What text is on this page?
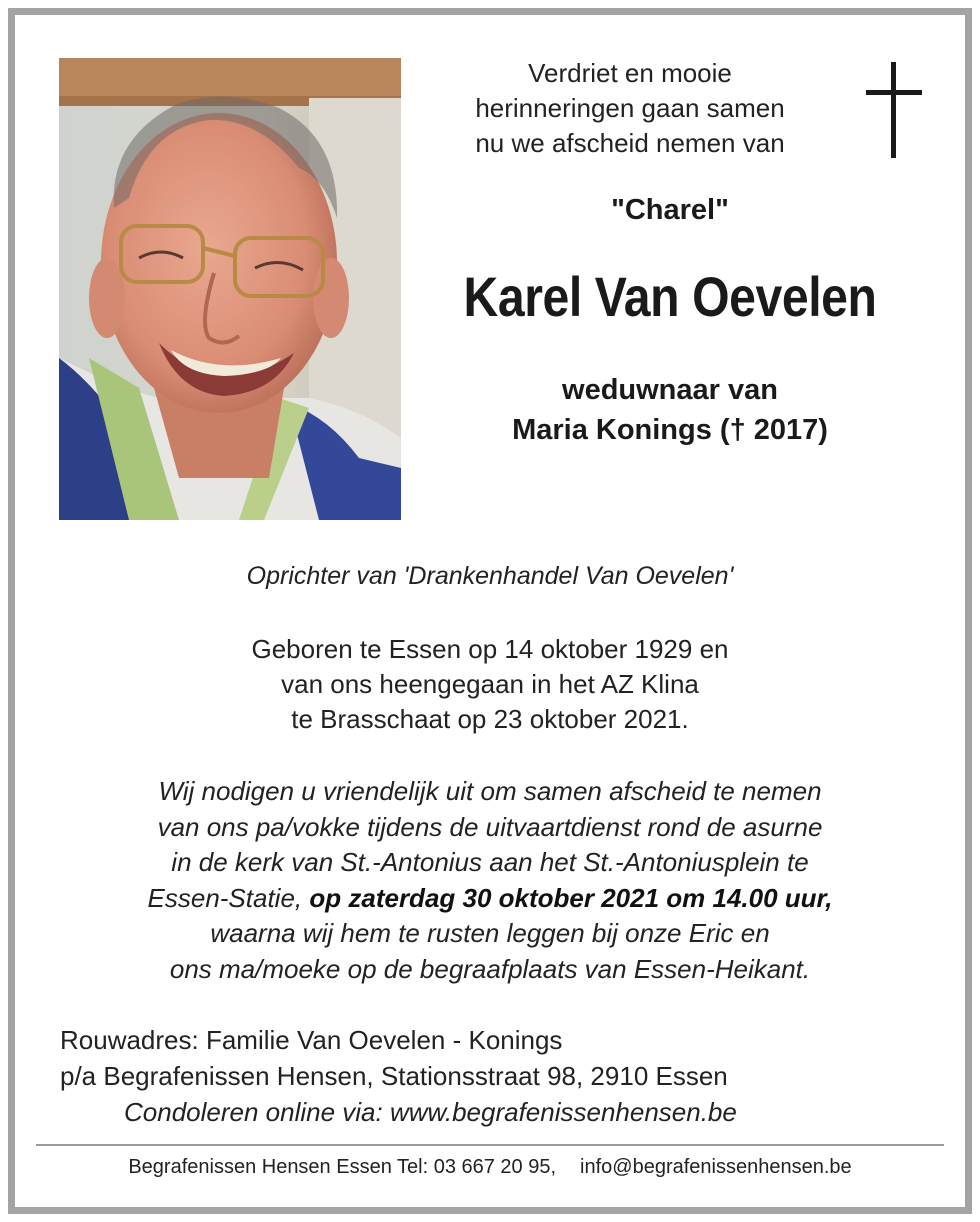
Verdriet en mooie
herinneringen gaan samen
nu we afscheid nemen van
"Charel"
Karel Van Oevelen
weduwnaar van
Maria Konings († 2017)
Oprichter van 'Drankenhandel Van Oevelen'
Geboren te Essen op 14 oktober 1929 en
van ons heengegaan in het AZ Klina
te Brasschaat op 23 oktober 2021.
Wij nodigen u vriendelijk uit om samen afscheid te nemen
van ons pa/vokke tijdens de uitvaartdienst rond de asurne
in de kerk van St.-Antonius aan het St.-Antoniusplein te
Essen-Statie, op zaterdag 30 oktober 2021 om 14.00 uur,
waarna wij hem te rusten leggen bij onze Eric en
ons ma/moeke op de begraafplaats van Essen-Heikant.
Rouwadres: Familie Van Oevelen - Konings
p/a Begrafenissen Hensen, Stationsstraat 98, 2910 Essen
Condoleren online via: www.begrafenissenhensen.be
Begrafenissen Hensen Essen Tel: 03 667 20 95, info@begrafenissenhensen.be
